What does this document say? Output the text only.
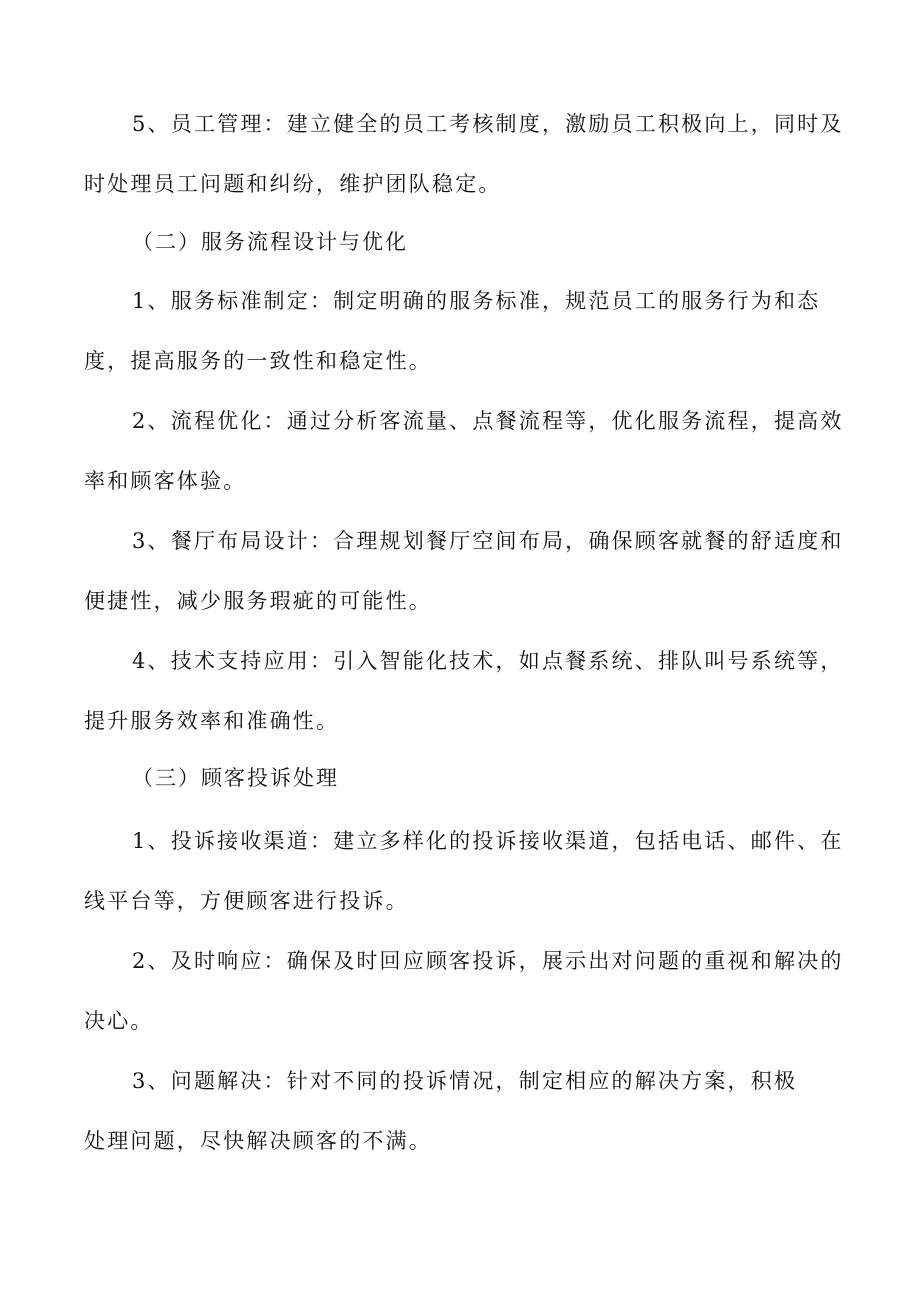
5、员工管理：建立健全的员工考核制度，激励员工积极向上，同时及时处理员工问题和纠纷，维护团队稳定。

（二）服务流程设计与优化

1、服务标准制定：制定明确的服务标准，规范员工的服务行为和态度，提高服务的一致性和稳定性。

2、流程优化：通过分析客流量、点餐流程等，优化服务流程，提高效率和顾客体验。

3、餐厅布局设计：合理规划餐厅空间布局，确保顾客就餐的舒适度和便捷性，减少服务瑕疵的可能性。

4、技术支持应用：引入智能化技术，如点餐系统、排队叫号系统等，提升服务效率和准确性。

（三）顾客投诉处理

1、投诉接收渠道：建立多样化的投诉接收渠道，包括电话、邮件、在线平台等，方便顾客进行投诉。

2、及时响应：确保及时回应顾客投诉，展示出对问题的重视和解决的决心。

3、问题解决：针对不同的投诉情况，制定相应的解决方案，积极处理问题，尽快解决顾客的不满。
